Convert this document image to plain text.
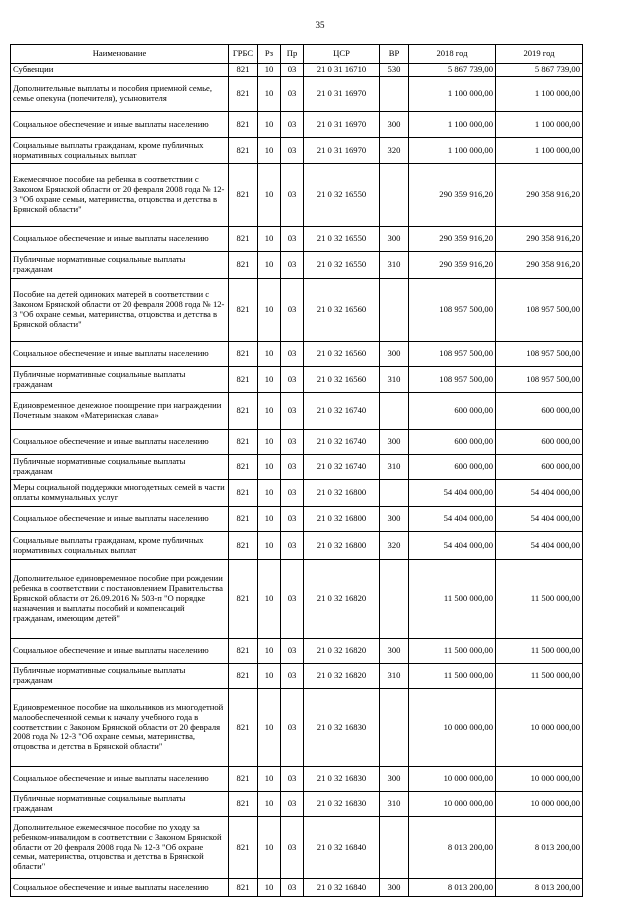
35
Наименование	ГРБС	Рз	Пр	ЦСР	ВР	2018 год	2019 год
Субвенции	821	10	03	21 0 31 16710	530	5 867 739,00	5 867 739,00
Дополнительные выплаты и пособия приемной семье, семье опекуна (попечителя), усыновителя	821	10	03	21 0 31 16970		1 100 000,00	1 100 000,00
Социальное обеспечение и иные выплаты населению	821	10	03	21 0 31 16970	300	1 100 000,00	1 100 000,00
Социальные выплаты гражданам, кроме публичных нормативных социальных выплат	821	10	03	21 0 31 16970	320	1 100 000,00	1 100 000,00
Ежемесячное пособие на ребенка в соответствии с Законом Брянской области от 20 февраля 2008 года № 12-3 "Об охране семьи, материнства, отцовства и детства в Брянской области"	821	10	03	21 0 32 16550		290 359 916,20	290 358 916,20
Социальное обеспечение и иные выплаты населению	821	10	03	21 0 32 16550	300	290 359 916,20	290 358 916,20
Публичные нормативные социальные выплаты гражданам	821	10	03	21 0 32 16550	310	290 359 916,20	290 358 916,20
Пособие на детей одиноких матерей в соответствии с Законом Брянской области от 20 февраля 2008 года № 12-3 "Об охране семьи, материнства, отцовства и детства в Брянской области"	821	10	03	21 0 32 16560		108 957 500,00	108 957 500,00
Социальное обеспечение и иные выплаты населению	821	10	03	21 0 32 16560	300	108 957 500,00	108 957 500,00
Публичные нормативные социальные выплаты гражданам	821	10	03	21 0 32 16560	310	108 957 500,00	108 957 500,00
Единовременное денежное поощрение при награждении Почетным знаком «Материнская слава»	821	10	03	21 0 32 16740		600 000,00	600 000,00
Социальное обеспечение и иные выплаты населению	821	10	03	21 0 32 16740	300	600 000,00	600 000,00
Публичные нормативные социальные выплаты гражданам	821	10	03	21 0 32 16740	310	600 000,00	600 000,00
Меры социальной поддержки многодетных семей в части оплаты коммунальных услуг	821	10	03	21 0 32 16800		54 404 000,00	54 404 000,00
Социальное обеспечение и иные выплаты населению	821	10	03	21 0 32 16800	300	54 404 000,00	54 404 000,00
Социальные выплаты гражданам, кроме публичных нормативных социальных выплат	821	10	03	21 0 32 16800	320	54 404 000,00	54 404 000,00
Дополнительное единовременное пособие при рождении ребенка в соответствии с постановлением Правительства Брянской области от 26.09.2016 № 503-п "О порядке назначения и выплаты пособий и компенсаций гражданам, имеющим детей"	821	10	03	21 0 32 16820		11 500 000,00	11 500 000,00
Социальное обеспечение и иные выплаты населению	821	10	03	21 0 32 16820	300	11 500 000,00	11 500 000,00
Публичные нормативные социальные выплаты гражданам	821	10	03	21 0 32 16820	310	11 500 000,00	11 500 000,00
Единовременное пособие на школьников из многодетной малообеспеченной семьи к началу учебного года в соответствии с Законом Брянской области от 20 февраля 2008 года № 12-3 "Об охране семьи, материнства, отцовства и детства в Брянской области"	821	10	03	21 0 32 16830		10 000 000,00	10 000 000,00
Социальное обеспечение и иные выплаты населению	821	10	03	21 0 32 16830	300	10 000 000,00	10 000 000,00
Публичные нормативные социальные выплаты гражданам	821	10	03	21 0 32 16830	310	10 000 000,00	10 000 000,00
Дополнительное ежемесячное пособие по уходу за ребенком-инвалидом в соответствии с Законом Брянской области от 20 февраля 2008 года № 12-3 "Об охране семьи, материнства, отцовства и детства в Брянской области"	821	10	03	21 0 32 16840		8 013 200,00	8 013 200,00
Социальное обеспечение и иные выплаты населению	821	10	03	21 0 32 16840	300	8 013 200,00	8 013 200,00
